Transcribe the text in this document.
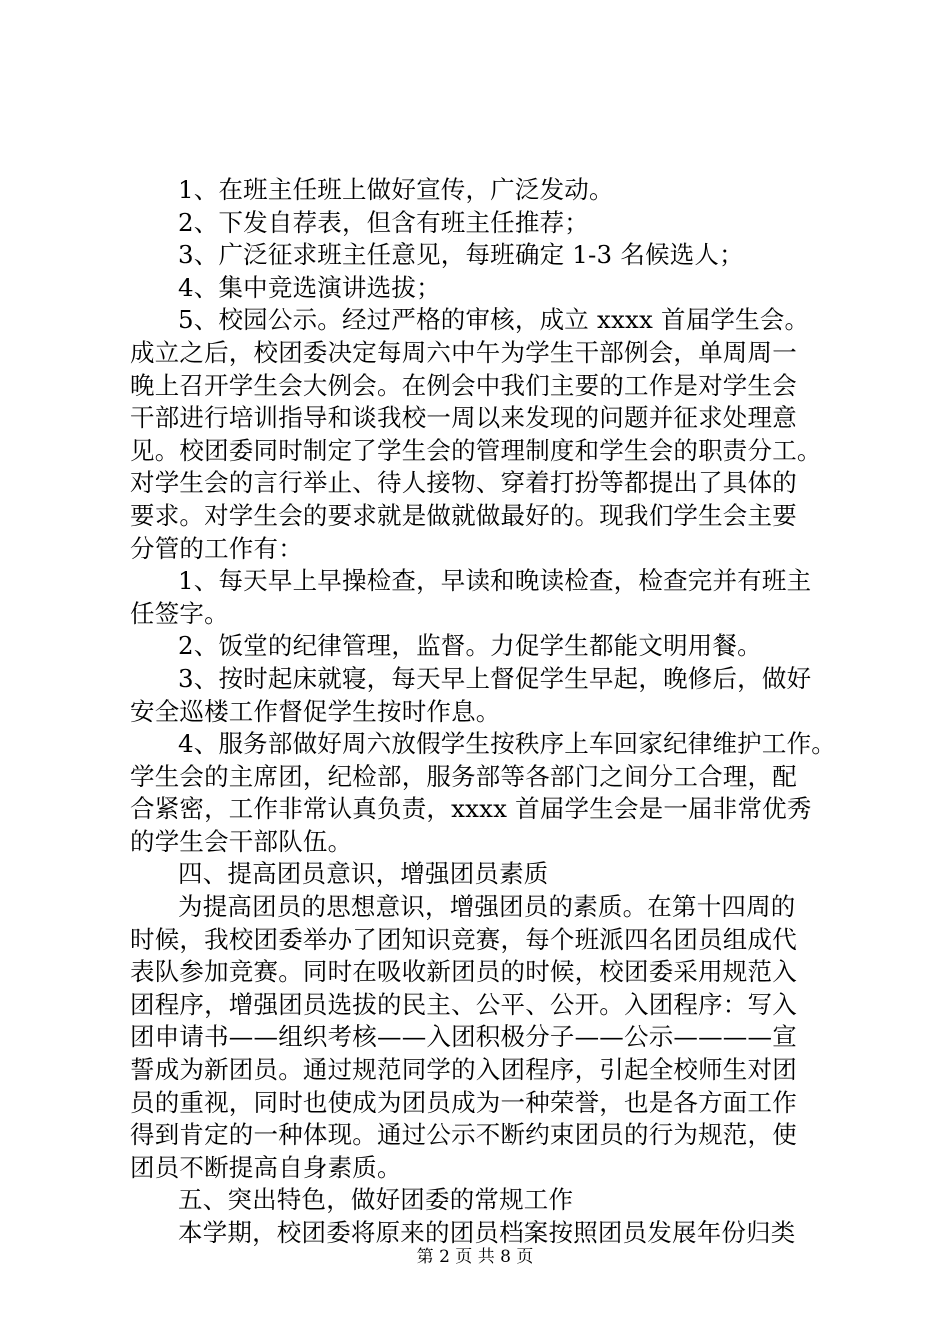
1、在班主任班上做好宣传，广泛发动。
2、下发自荐表，但含有班主任推荐；
3、广泛征求班主任意见，每班确定 1-3 名候选人；
4、集中竞选演讲选拔；
5、校园公示。经过严格的审核，成立 xxxx 首届学生会。
成立之后，校团委决定每周六中午为学生干部例会，单周周一
晚上召开学生会大例会。在例会中我们主要的工作是对学生会
干部进行培训指导和谈我校一周以来发现的问题并征求处理意
见。校团委同时制定了学生会的管理制度和学生会的职责分工。
对学生会的言行举止、待人接物、穿着打扮等都提出了具体的
要求。对学生会的要求就是做就做最好的。现我们学生会主要
分管的工作有：
1、每天早上早操检查，早读和晚读检查，检查完并有班主
任签字。
2、饭堂的纪律管理，监督。力促学生都能文明用餐。
3、按时起床就寝，每天早上督促学生早起，晚修后，做好
安全巡楼工作督促学生按时作息。
4、服务部做好周六放假学生按秩序上车回家纪律维护工作。
学生会的主席团，纪检部，服务部等各部门之间分工合理，配
合紧密，工作非常认真负责，xxxx 首届学生会是一届非常优秀
的学生会干部队伍。
四、提高团员意识，增强团员素质
为提高团员的思想意识，增强团员的素质。在第十四周的
时候，我校团委举办了团知识竞赛，每个班派四名团员组成代
表队参加竞赛。同时在吸收新团员的时候，校团委采用规范入
团程序，增强团员选拔的民主、公平、公开。入团程序：写入
团申请书——组织考核——入团积极分子——公示————宣
誓成为新团员。通过规范同学的入团程序，引起全校师生对团
员的重视，同时也使成为团员成为一种荣誉，也是各方面工作
得到肯定的一种体现。通过公示不断约束团员的行为规范，使
团员不断提高自身素质。
五、突出特色，做好团委的常规工作
本学期，校团委将原来的团员档案按照团员发展年份归类
第 2 页 共 8 页
